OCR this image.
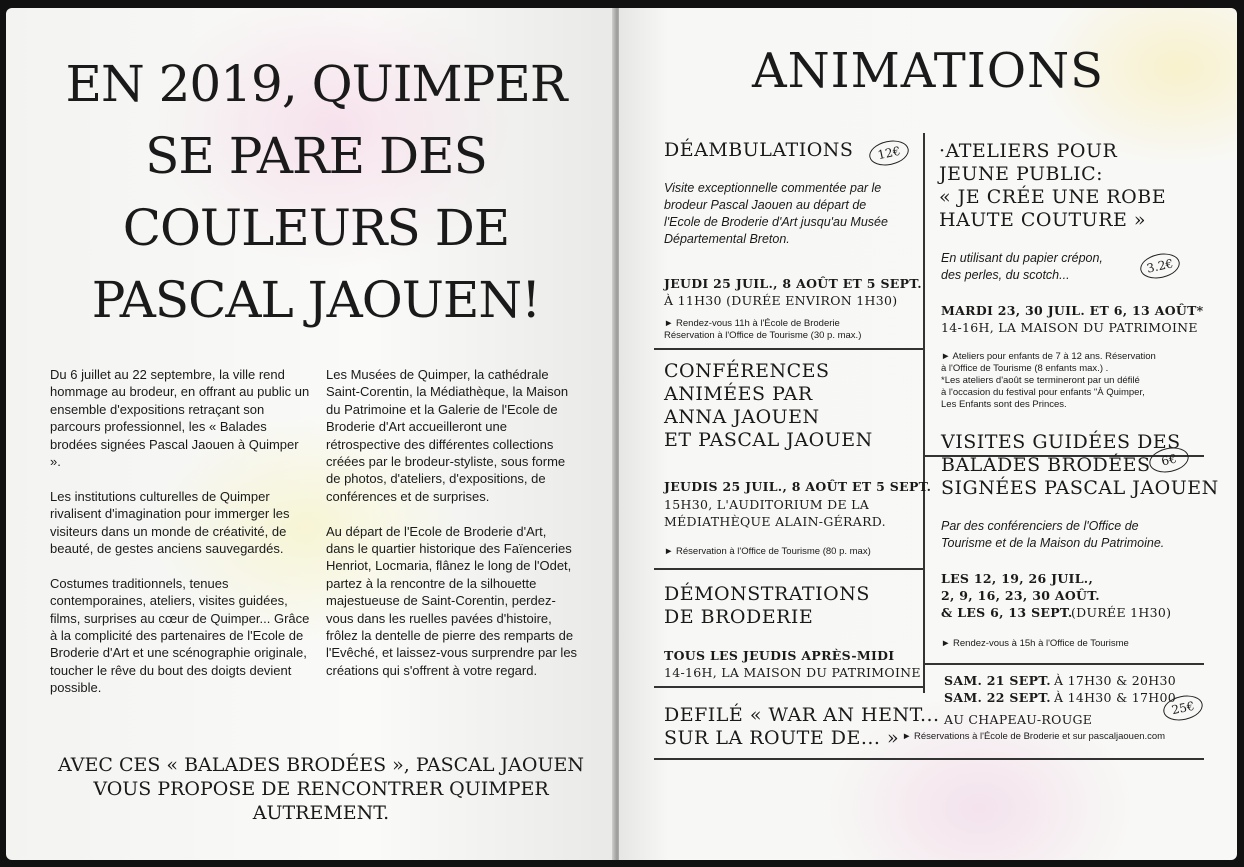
EN 2019, QUIMPER SE PARE DES COULEURS DE PASCAL JAOUEN!

Du 6 juillet au 22 septembre, la ville rend hommage au brodeur, en offrant au public un ensemble d'expositions retraçant son parcours professionnel, les « Balades brodées signées Pascal Jaouen à Quimper ».

Les institutions culturelles de Quimper rivalisent d'imagination pour immerger les visiteurs dans un monde de créativité, de beauté, de gestes anciens sauvegardés.

Costumes traditionnels, tenues contemporaines, ateliers, visites guidées, films, surprises au cœur de Quimper... Grâce à la complicité des partenaires de l'Ecole de Broderie d'Art et une scénographie originale, toucher le rêve du bout des doigts devient possible.

Les Musées de Quimper, la cathédrale Saint-Corentin, la Médiathèque, la Maison du Patrimoine et la Galerie de l'Ecole de Broderie d'Art accueilleront une rétrospective des différentes collections créées par le brodeur-styliste, sous forme de photos, d'ateliers, d'expositions, de conférences et de surprises.

Au départ de l'Ecole de Broderie d'Art, dans le quartier historique des Faïenceries Henriot, Locmaria, flânez le long de l'Odet, partez à la rencontre de la silhouette majestueuse de Saint-Corentin, perdez-vous dans les ruelles pavées d'histoire, frôlez la dentelle de pierre des remparts de l'Evêché, et laissez-vous surprendre par les créations qui s'offrent à votre regard.

AVEC CES « BALADES BRODÉES », PASCAL JAOUEN VOUS PROPOSE DE RENCONTRER QUIMPER AUTREMENT.
ANIMATIONS
DÉAMBULATIONS	12€
Visite exceptionnelle commentée par le brodeur Pascal Jaouen au départ de l'Ecole de Broderie d'Art jusqu'au Musée Départemental Breton.
JEUDI 25 JUIL., 8 AOÛT ET 5 SEPT.
À 11H30 (DURÉE ENVIRON 1H30)
► Rendez-vous 11h à l'École de Broderie
Réservation à l'Office de Tourisme (30 p. max.)
CONFÉRENCES
ANIMÉES PAR
ANNA JAOUEN
ET PASCAL JAOUEN
JEUDIS 25 JUIL., 8 AOÛT ET 5 SEPT.
15H30, L'AUDITORIUM DE LA
MÉDIATHÈQUE ALAIN-GÉRARD.
► Réservation à l'Office de Tourisme (80 p. max)
DÉMONSTRATIONS
DE BRODERIE
TOUS LES JEUDIS APRÈS-MIDI
14-16H, LA MAISON DU PATRIMOINE
DEFILÉ « WAR AN HENT...
SUR LA ROUTE DE... »
·ATELIERS POUR
JEUNE PUBLIC:
« JE CRÉE UNE ROBE
HAUTE COUTURE »
En utilisant du papier crépon,
des perles, du scotch...	3.2€
MARDI 23, 30 JUIL. ET 6, 13 AOÛT*
14-16H, LA MAISON DU PATRIMOINE
► Ateliers pour enfants de 7 à 12 ans. Réservation
à l'Office de Tourisme (8 enfants max.) .
*Les ateliers d'août se termineront par un défilé
à l'occasion du festival pour enfants "À Quimper,
Les Enfants sont des Princes.
VISITES GUIDÉES DES
BALADES BRODÉES
SIGNÉES PASCAL JAOUEN
6€
Par des conférenciers de l'Office de
Tourisme et de la Maison du Patrimoine.
LES 12, 19, 26 JUIL.,
2, 9, 16, 23, 30 AOÛT.
& LES 6, 13 SEPT.
(DURÉE 1H30)
► Rendez-vous à 15h à l'Office de Tourisme
SAM. 21 SEPT. À 17H30 & 20H30
SAM. 22 SEPT. À 14H30 & 17H00
25€
AU CHAPEAU-ROUGE
► Réservations à l'École de Broderie et sur pascaljaouen.com
